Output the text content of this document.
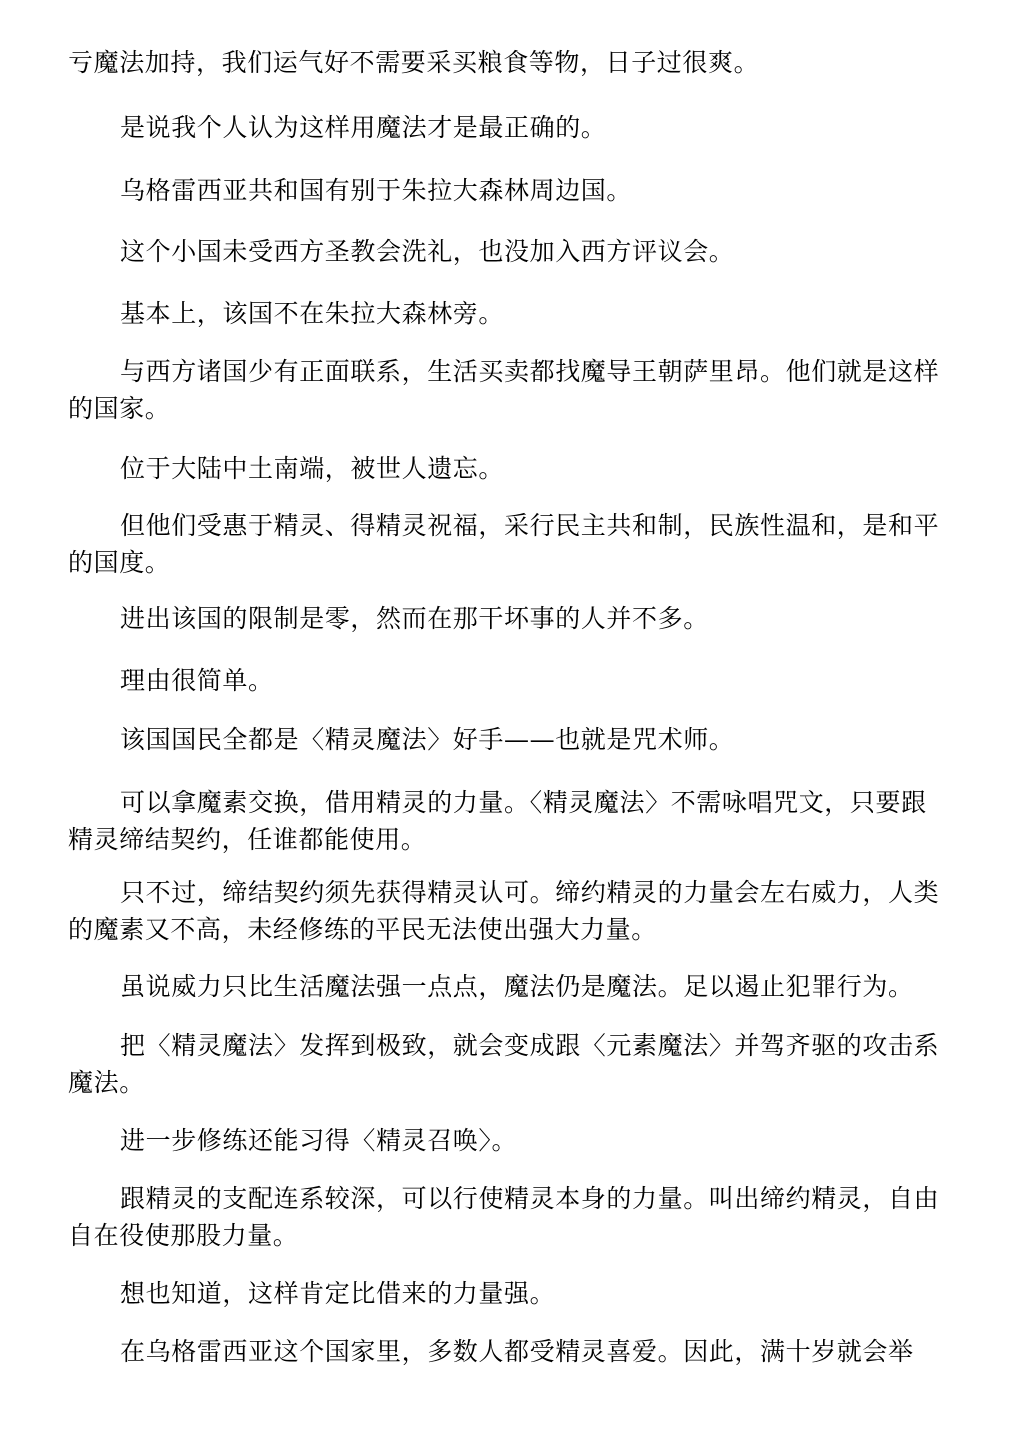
亏魔法加持，我们运气好不需要采买粮食等物，日子过很爽。

是说我个人认为这样用魔法才是最正确的。

乌格雷西亚共和国有别于朱拉大森林周边国。

这个小国未受西方圣教会洗礼，也没加入西方评议会。

基本上，该国不在朱拉大森林旁。

与西方诸国少有正面联系，生活买卖都找魔导王朝萨里昂。他们就是这样的国家。

位于大陆中土南端，被世人遗忘。

但他们受惠于精灵、得精灵祝福，采行民主共和制，民族性温和，是和平的国度。

进出该国的限制是零，然而在那干坏事的人并不多。

理由很简单。

该国国民全都是〈精灵魔法〉好手——也就是咒术师。

可以拿魔素交换，借用精灵的力量。〈精灵魔法〉不需咏唱咒文，只要跟精灵缔结契约，任谁都能使用。

只不过，缔结契约须先获得精灵认可。缔约精灵的力量会左右威力，人类的魔素又不高，未经修练的平民无法使出强大力量。

虽说威力只比生活魔法强一点点，魔法仍是魔法。足以遏止犯罪行为。

把〈精灵魔法〉发挥到极致，就会变成跟〈元素魔法〉并驾齐驱的攻击系魔法。

进一步修练还能习得〈精灵召唤〉。

跟精灵的支配连系较深，可以行使精灵本身的力量。叫出缔约精灵，自由自在役使那股力量。

想也知道，这样肯定比借来的力量强。

在乌格雷西亚这个国家里，多数人都受精灵喜爱。因此，满十岁就会举
